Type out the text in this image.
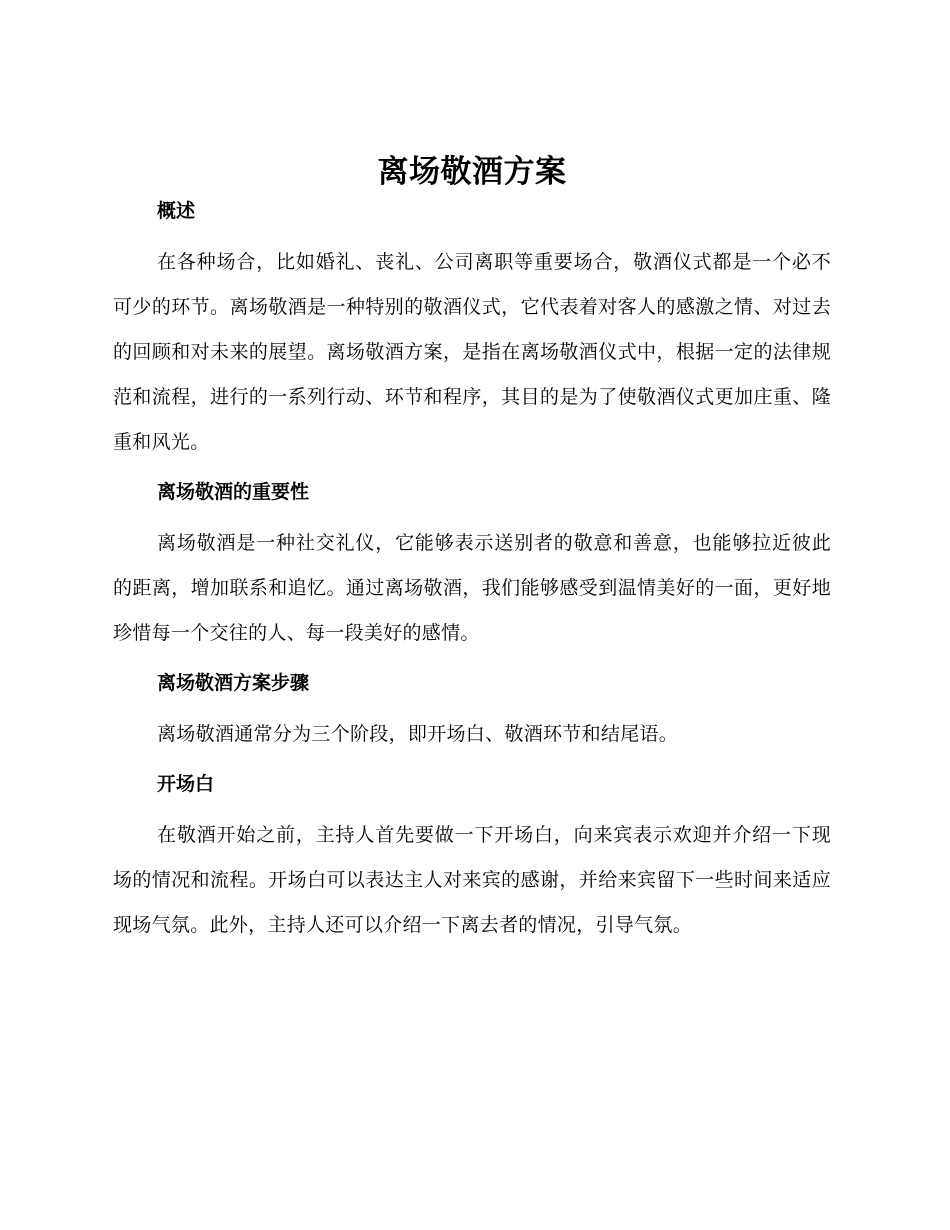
离场敬酒方案
概述

在各种场合，比如婚礼、丧礼、公司离职等重要场合，敬酒仪式都是一个必不可少的环节。离场敬酒是一种特别的敬酒仪式，它代表着对客人的感激之情、对过去的回顾和对未来的展望。离场敬酒方案，是指在离场敬酒仪式中，根据一定的法律规范和流程，进行的一系列行动、环节和程序，其目的是为了使敬酒仪式更加庄重、隆重和风光。

离场敬酒的重要性

离场敬酒是一种社交礼仪，它能够表示送别者的敬意和善意，也能够拉近彼此的距离，增加联系和追忆。通过离场敬酒，我们能够感受到温情美好的一面，更好地珍惜每一个交往的人、每一段美好的感情。

离场敬酒方案步骤

离场敬酒通常分为三个阶段，即开场白、敬酒环节和结尾语。

开场白

在敬酒开始之前，主持人首先要做一下开场白，向来宾表示欢迎并介绍一下现场的情况和流程。开场白可以表达主人对来宾的感谢，并给来宾留下一些时间来适应现场气氛。此外，主持人还可以介绍一下离去者的情况，引导气氛。
